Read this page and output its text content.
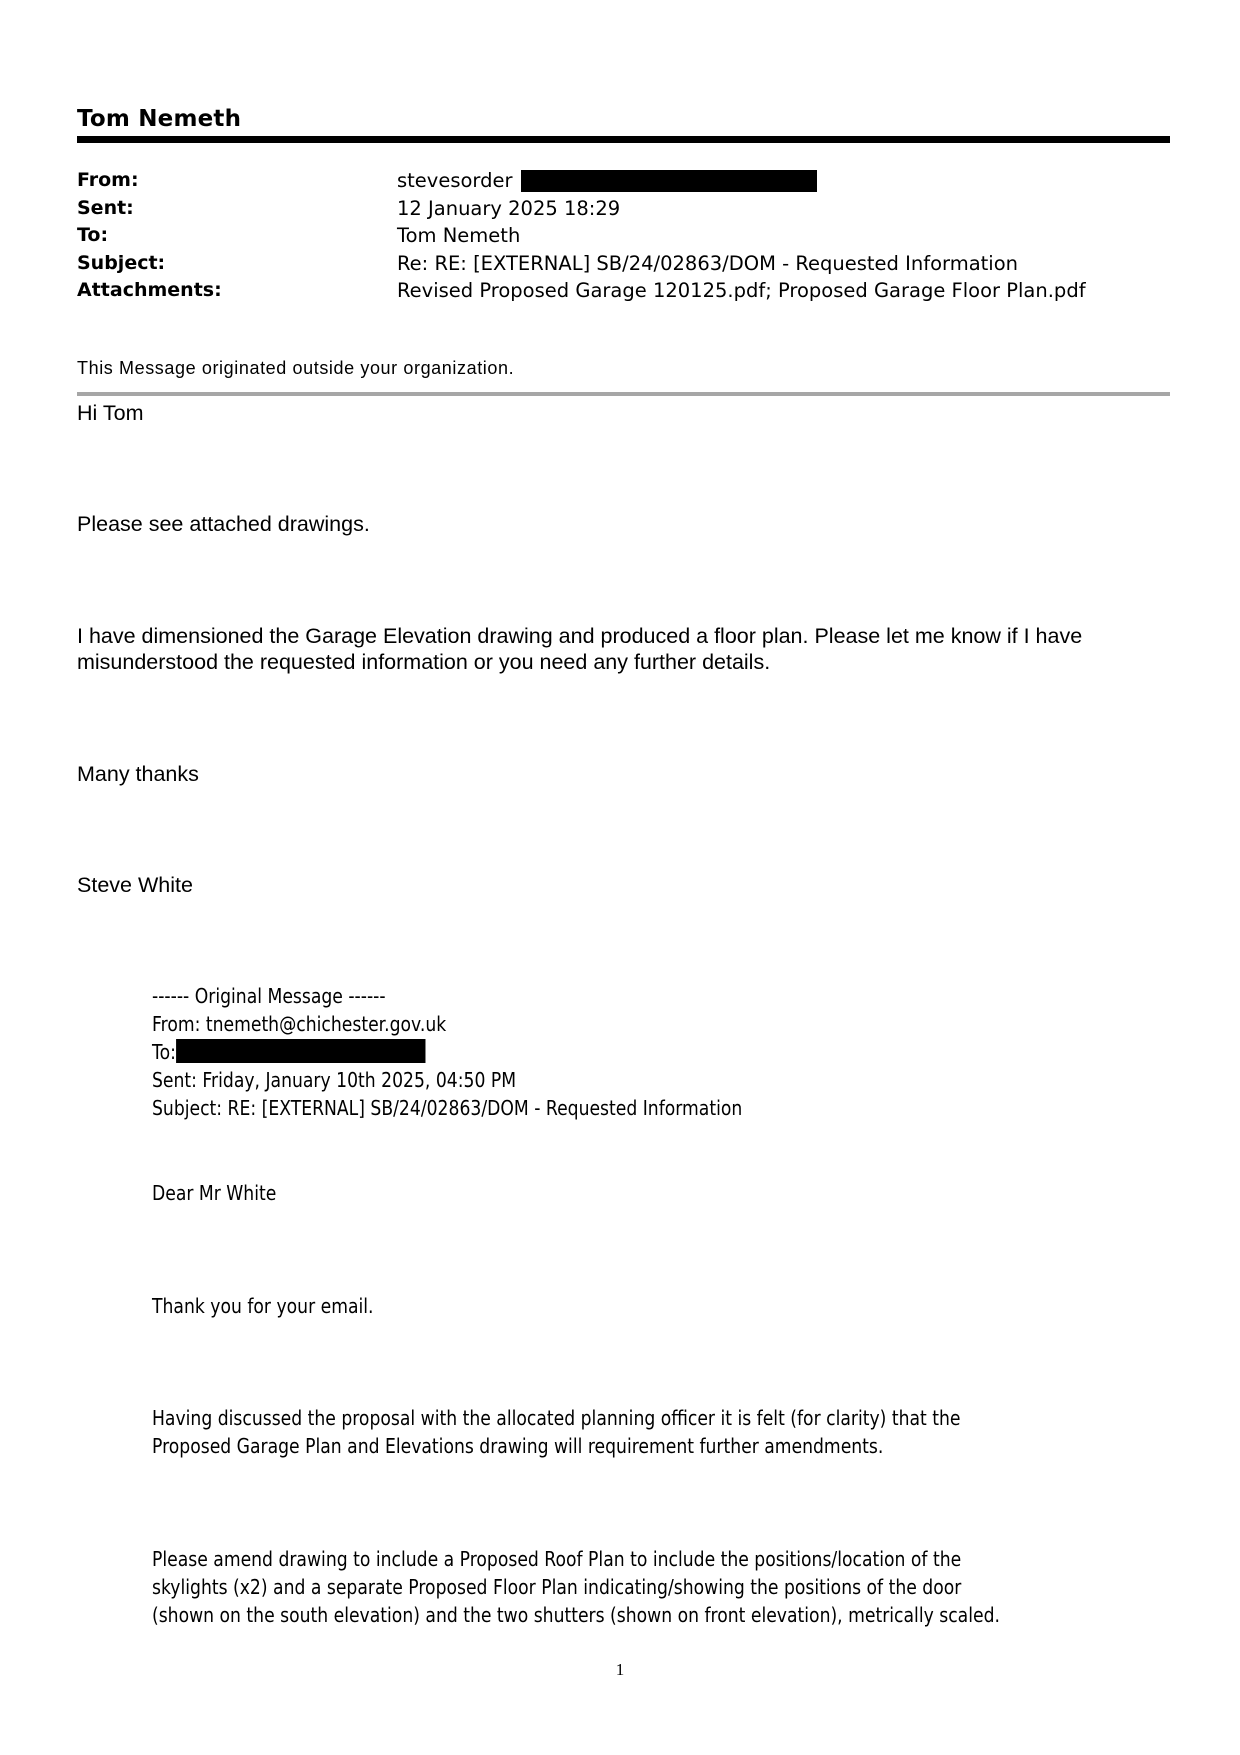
Tom Nemeth
From:	stevesorder
Sent:	12 January 2025 18:29
To:	Tom Nemeth
Subject:	Re: RE: [EXTERNAL] SB/24/02863/DOM - Requested Information
Attachments:	Revised Proposed Garage 120125.pdf; Proposed Garage Floor Plan.pdf
This Message originated outside your organization.
Hi Tom
Please see attached drawings.
I have dimensioned the Garage Elevation drawing and produced a floor plan. Please let me know if I have
misunderstood the requested information or you need any further details.
Many thanks
Steve White
------ Original Message ------
From: tnemeth@chichester.gov.uk
To:
Sent: Friday, January 10th 2025, 04:50 PM
Subject: RE: [EXTERNAL] SB/24/02863/DOM - Requested Information
Dear Mr White
Thank you for your email.
Having discussed the proposal with the allocated planning officer it is felt (for clarity) that the
Proposed Garage Plan and Elevations drawing will requirement further amendments.
Please amend drawing to include a Proposed Roof Plan to include the positions/location of the
skylights (x2) and a separate Proposed Floor Plan indicating/showing the positions of the door
(shown on the south elevation) and the two shutters (shown on front elevation), metrically scaled.
1
